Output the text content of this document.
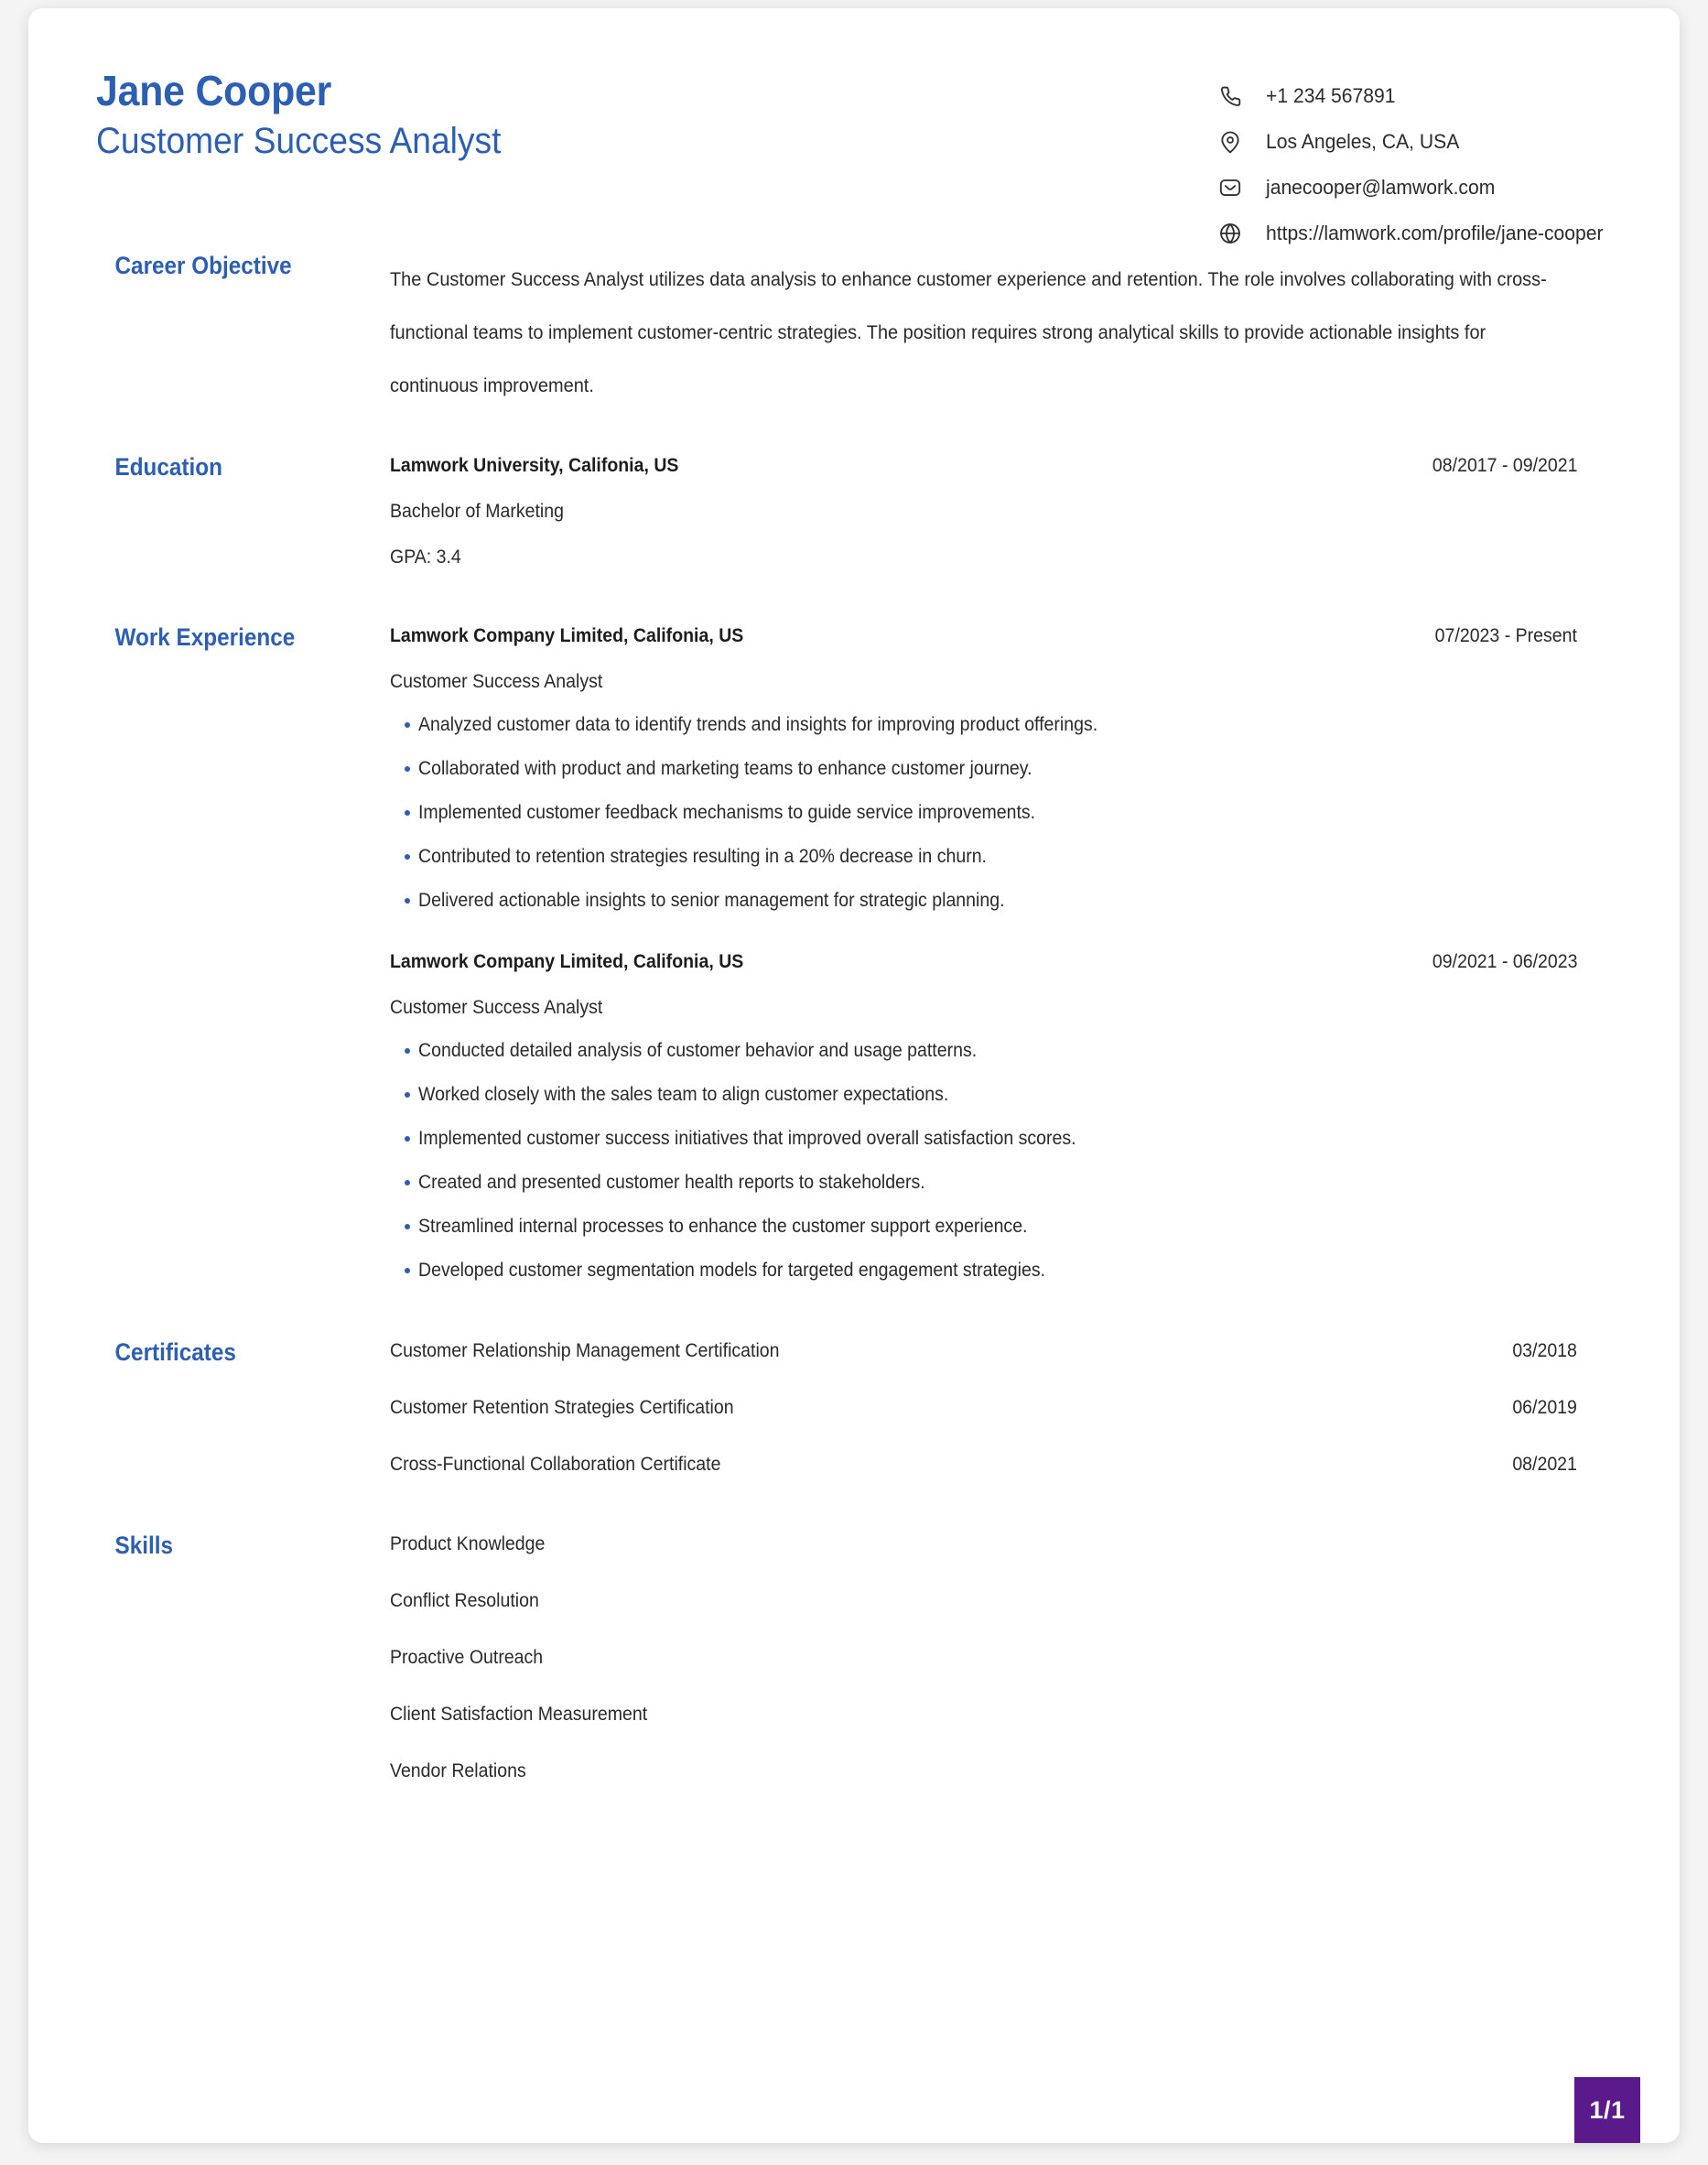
Jane Cooper
Customer Success Analyst
+1 234 567891
Los Angeles, CA, USA
janecooper@lamwork.com
https://lamwork.com/profile/jane-cooper
Career Objective

The Customer Success Analyst utilizes data analysis to enhance customer experience and retention. The role involves collaborating with cross-functional teams to implement customer-centric strategies. The position requires strong analytical skills to provide actionable insights for continuous improvement.

Education	Lamwork University, Califonia, US	08/2017 - 09/2021
Bachelor of Marketing
GPA: 3.4
Work Experience	Lamwork Company Limited, Califonia, US	07/2023 - Present
Customer Success Analyst
Analyzed customer data to identify trends and insights for improving product offerings.
Collaborated with product and marketing teams to enhance customer journey.
Implemented customer feedback mechanisms to guide service improvements.
Contributed to retention strategies resulting in a 20% decrease in churn.
Delivered actionable insights to senior management for strategic planning.
Lamwork Company Limited, Califonia, US	09/2021 - 06/2023
Customer Success Analyst
Conducted detailed analysis of customer behavior and usage patterns.
Worked closely with the sales team to align customer expectations.
Implemented customer success initiatives that improved overall satisfaction scores.
Created and presented customer health reports to stakeholders.
Streamlined internal processes to enhance the customer support experience.
Developed customer segmentation models for targeted engagement strategies.
Certificates	Customer Relationship Management Certification	03/2018
Customer Retention Strategies Certification	06/2019
Cross-Functional Collaboration Certificate	08/2021
Skills	Product Knowledge
Conflict Resolution
Proactive Outreach
Client Satisfaction Measurement
Vendor Relations
1/1
